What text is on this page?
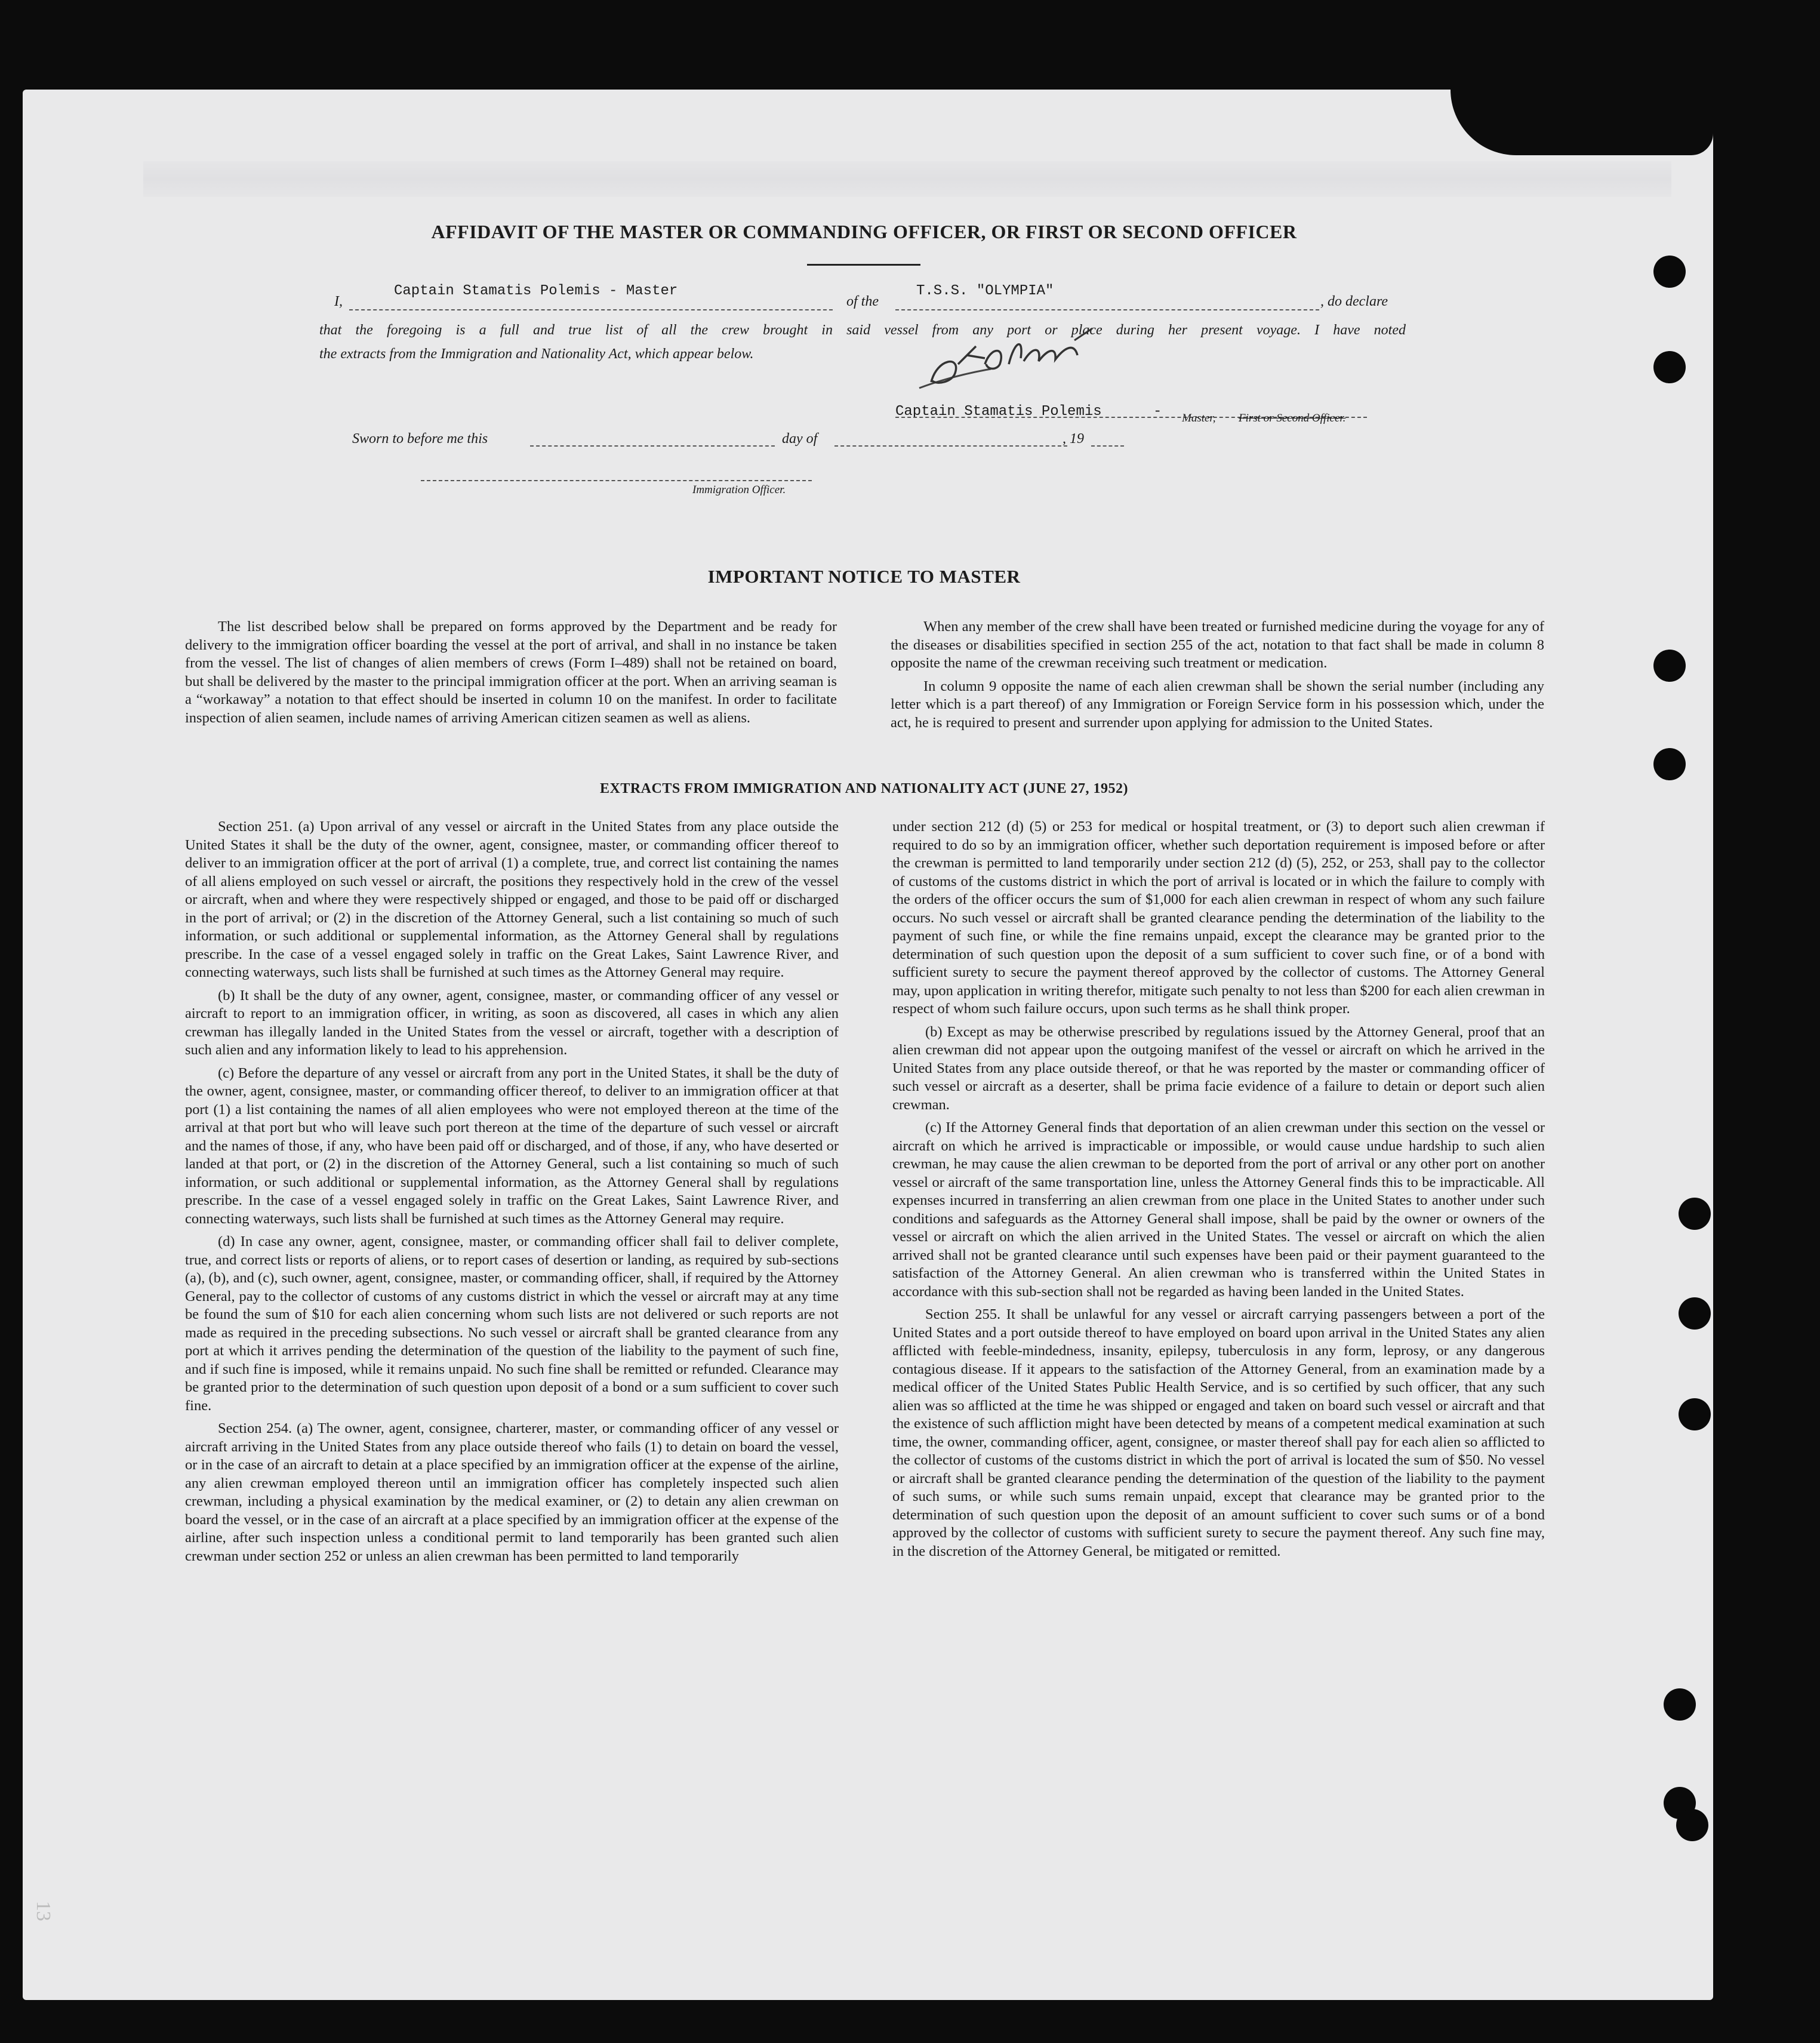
AFFIDAVIT OF THE MASTER OR COMMANDING OFFICER, OR FIRST OR SECOND OFFICER
I,
Captain Stamatis Polemis - Master
of the
T.S.S. "OLYMPIA"
, do declare
that the foregoing is a full and true list of all the crew brought in said vessel from any port or place during her present voyage. I have noted
the extracts from the Immigration and Nationality Act, which appear below.
Captain Stamatis Polemis	- Master, First or Second Officer.
Sworn to before me this	day of	, 19
Immigration Officer.
IMPORTANT NOTICE TO MASTER

The list described below shall be prepared on forms approved by the Department and be ready for delivery to the immigration officer boarding the vessel at the port of arrival, and shall in no instance be taken from the vessel. The list of changes of alien members of crews (Form I–489) shall not be retained on board, but shall be delivered by the master to the principal immigration officer at the port. When an arriving seaman is a “workaway” a notation to that effect should be inserted in column 10 on the manifest. In order to facilitate inspection of alien seamen, include names of arriving American citizen seamen as well as aliens.

When any member of the crew shall have been treated or furnished medicine during the voyage for any of the diseases or disabilities specified in section 255 of the act, notation to that fact shall be made in column 8 opposite the name of the crewman receiving such treatment or medication.

In column 9 opposite the name of each alien crewman shall be shown the serial number (including any letter which is a part thereof) of any Immigration or Foreign Service form in his possession which, under the act, he is required to present and surrender upon applying for admission to the United States.

EXTRACTS FROM IMMIGRATION AND NATIONALITY ACT (JUNE 27, 1952)

Section 251. (a) Upon arrival of any vessel or aircraft in the United States from any place outside the United States it shall be the duty of the owner, agent, consignee, master, or commanding officer thereof to deliver to an immigration officer at the port of arrival (1) a complete, true, and correct list containing the names of all aliens employed on such vessel or aircraft, the positions they respectively hold in the crew of the vessel or aircraft, when and where they were respectively shipped or engaged, and those to be paid off or discharged in the port of arrival; or (2) in the discretion of the Attorney General, such a list containing so much of such information, or such additional or supplemental information, as the Attorney General shall by regulations prescribe. In the case of a vessel engaged solely in traffic on the Great Lakes, Saint Lawrence River, and connecting waterways, such lists shall be furnished at such times as the Attorney General may require.

(b) It shall be the duty of any owner, agent, consignee, master, or commanding officer of any vessel or aircraft to report to an immigration officer, in writing, as soon as discovered, all cases in which any alien crewman has illegally landed in the United States from the vessel or aircraft, together with a description of such alien and any information likely to lead to his apprehension.

(c) Before the departure of any vessel or aircraft from any port in the United States, it shall be the duty of the owner, agent, consignee, master, or commanding officer thereof, to deliver to an immigration officer at that port (1) a list containing the names of all alien employees who were not employed thereon at the time of the arrival at that port but who will leave such port thereon at the time of the departure of such vessel or aircraft and the names of those, if any, who have been paid off or discharged, and of those, if any, who have deserted or landed at that port, or (2) in the discretion of the Attorney General, such a list containing so much of such information, or such additional or supplemental information, as the Attorney General shall by regulations prescribe. In the case of a vessel engaged solely in traffic on the Great Lakes, Saint Lawrence River, and connecting waterways, such lists shall be furnished at such times as the Attorney General may require.

(d) In case any owner, agent, consignee, master, or commanding officer shall fail to deliver complete, true, and correct lists or reports of aliens, or to report cases of desertion or landing, as required by sub-sections (a), (b), and (c), such owner, agent, consignee, master, or commanding officer, shall, if required by the Attorney General, pay to the collector of customs of any customs district in which the vessel or aircraft may at any time be found the sum of $10 for each alien concerning whom such lists are not delivered or such reports are not made as required in the preceding subsections. No such vessel or aircraft shall be granted clearance from any port at which it arrives pending the determination of the question of the liability to the payment of such fine, and if such fine is imposed, while it remains unpaid. No such fine shall be remitted or refunded. Clearance may be granted prior to the determination of such question upon deposit of a bond or a sum sufficient to cover such fine.

Section 254. (a) The owner, agent, consignee, charterer, master, or commanding officer of any vessel or aircraft arriving in the United States from any place outside thereof who fails (1) to detain on board the vessel, or in the case of an aircraft to detain at a place specified by an immigration officer at the expense of the airline, any alien crewman employed thereon until an immigration officer has completely inspected such alien crewman, including a physical examination by the medical examiner, or (2) to detain any alien crewman on board the vessel, or in the case of an aircraft at a place specified by an immigration officer at the expense of the airline, after such inspection unless a conditional permit to land temporarily has been granted such alien crewman under section 252 or unless an alien crewman has been permitted to land temporarily

under section 212 (d) (5) or 253 for medical or hospital treatment, or (3) to deport such alien crewman if required to do so by an immigration officer, whether such deportation requirement is imposed before or after the crewman is permitted to land temporarily under section 212 (d) (5), 252, or 253, shall pay to the collector of customs of the customs district in which the port of arrival is located or in which the failure to comply with the orders of the officer occurs the sum of $1,000 for each alien crewman in respect of whom any such failure occurs. No such vessel or aircraft shall be granted clearance pending the determination of the liability to the payment of such fine, or while the fine remains unpaid, except the clearance may be granted prior to the determination of such question upon the deposit of a sum sufficient to cover such fine, or of a bond with sufficient surety to secure the payment thereof approved by the collector of customs. The Attorney General may, upon application in writing therefor, mitigate such penalty to not less than $200 for each alien crewman in respect of whom such failure occurs, upon such terms as he shall think proper.

(b) Except as may be otherwise prescribed by regulations issued by the Attorney General, proof that an alien crewman did not appear upon the outgoing manifest of the vessel or aircraft on which he arrived in the United States from any place outside thereof, or that he was reported by the master or commanding officer of such vessel or aircraft as a deserter, shall be prima facie evidence of a failure to detain or deport such alien crewman.

(c) If the Attorney General finds that deportation of an alien crewman under this section on the vessel or aircraft on which he arrived is impracticable or impossible, or would cause undue hardship to such alien crewman, he may cause the alien crewman to be deported from the port of arrival or any other port on another vessel or aircraft of the same transportation line, unless the Attorney General finds this to be impracticable. All expenses incurred in transferring an alien crewman from one place in the United States to another under such conditions and safeguards as the Attorney General shall impose, shall be paid by the owner or owners of the vessel or aircraft on which the alien arrived in the United States. The vessel or aircraft on which the alien arrived shall not be granted clearance until such expenses have been paid or their payment guaranteed to the satisfaction of the Attorney General. An alien crewman who is transferred within the United States in accordance with this sub-section shall not be regarded as having been landed in the United States.

Section 255. It shall be unlawful for any vessel or aircraft carrying passengers between a port of the United States and a port outside thereof to have employed on board upon arrival in the United States any alien afflicted with feeble-mindedness, insanity, epilepsy, tuberculosis in any form, leprosy, or any dangerous contagious disease. If it appears to the satisfaction of the Attorney General, from an examination made by a medical officer of the United States Public Health Service, and is so certified by such officer, that any such alien was so afflicted at the time he was shipped or engaged and taken on board such vessel or aircraft and that the existence of such affliction might have been detected by means of a competent medical examination at such time, the owner, commanding officer, agent, consignee, or master thereof shall pay for each alien so afflicted to the collector of customs of the customs district in which the port of arrival is located the sum of $50. No vessel or aircraft shall be granted clearance pending the determination of the question of the liability to the payment of such sums, or while such sums remain unpaid, except that clearance may be granted prior to the determination of such question upon the deposit of an amount sufficient to cover such sums or of a bond approved by the collector of customs with sufficient surety to secure the payment thereof. Any such fine may, in the discretion of the Attorney General, be mitigated or remitted.

13
